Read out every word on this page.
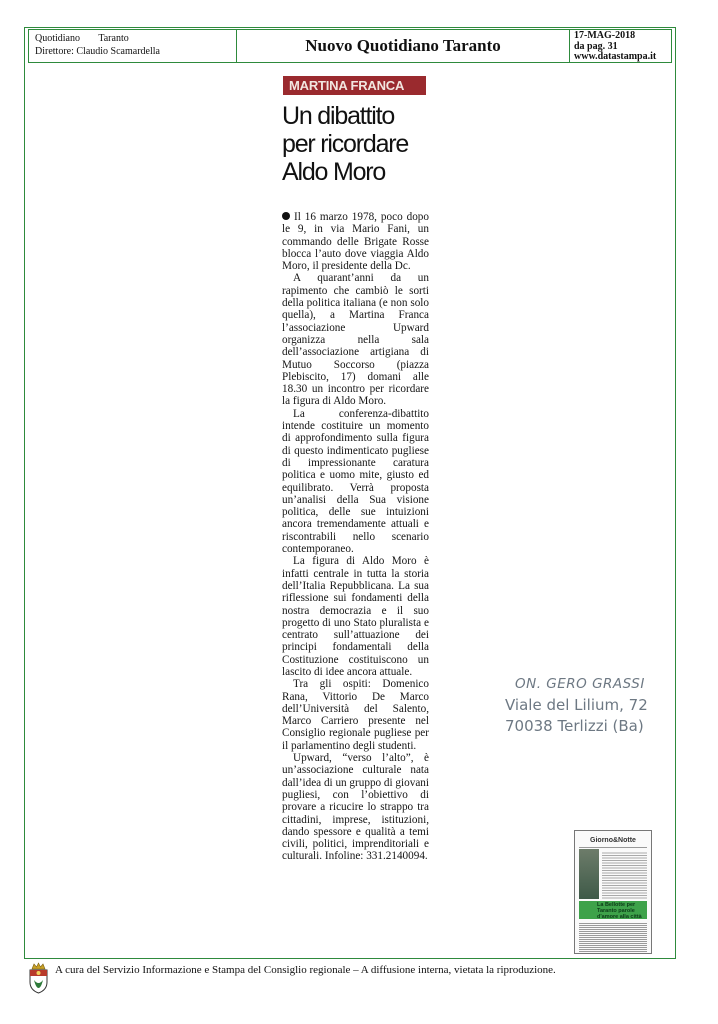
Quotidiano Taranto
Direttore: Claudio Scamardella	Nuovo Quotidiano Taranto
17-MAG-2018
da pag. 31
www.datastampa.it
MARTINA FRANCA
Un dibattito
per ricordare
Aldo Moro

Il 16 marzo 1978, poco dopo le 9, in via Mario Fani, un commando delle Brigate Rosse blocca l’auto dove viaggia Aldo Moro, il presidente della Dc.

A quarant’anni da un rapimento che cambiò le sorti della politica italiana (e non solo quella), a Martina Franca l’associazione Upward organizza nella sala dell’associazione artigiana di Mutuo Soccorso (piazza Plebiscito, 17) domani alle 18.30 un incontro per ricordare la figura di Aldo Moro.

La conferenza-dibattito intende costituire un momento di approfondimento sulla figura di questo indimenticato pugliese di impressionante caratura politica e uomo mite, giusto ed equilibrato. Verrà proposta un’analisi della Sua visione politica, delle sue intuizioni ancora tremendamente attuali e riscontrabili nello scenario contemporaneo.

La figura di Aldo Moro è infatti centrale in tutta la storia dell’Italia Repubblicana. La sua riflessione sui fondamenti della nostra democrazia e il suo progetto di uno Stato pluralista e centrato sull’attuazione dei principi fondamentali della Costituzione costituiscono un lascito di idee ancora attuale.

Tra gli ospiti: Domenico Rana, Vittorio De Marco dell’Università del Salento, Marco Carriero presente nel Consiglio regionale pugliese per il parlamentino degli studenti.

Upward, “verso l’alto”, è un’associazione culturale nata dall’idea di un gruppo di giovani pugliesi, con l’obiettivo di provare a ricucire lo strappo tra cittadini, imprese, istituzioni, dando spessore e qualità a temi civili, politici, imprenditoriali e culturali. Infoline: 331.2140094.

ON. GERO GRASSI
Viale del Lilium, 72
70038 Terlizzi (Ba)
Giorno&Notte
La Bellotte per Taranto parole d'amore alla città
A cura del Servizio Informazione e Stampa del Consiglio regionale – A diffusione interna, vietata la riproduzione.
